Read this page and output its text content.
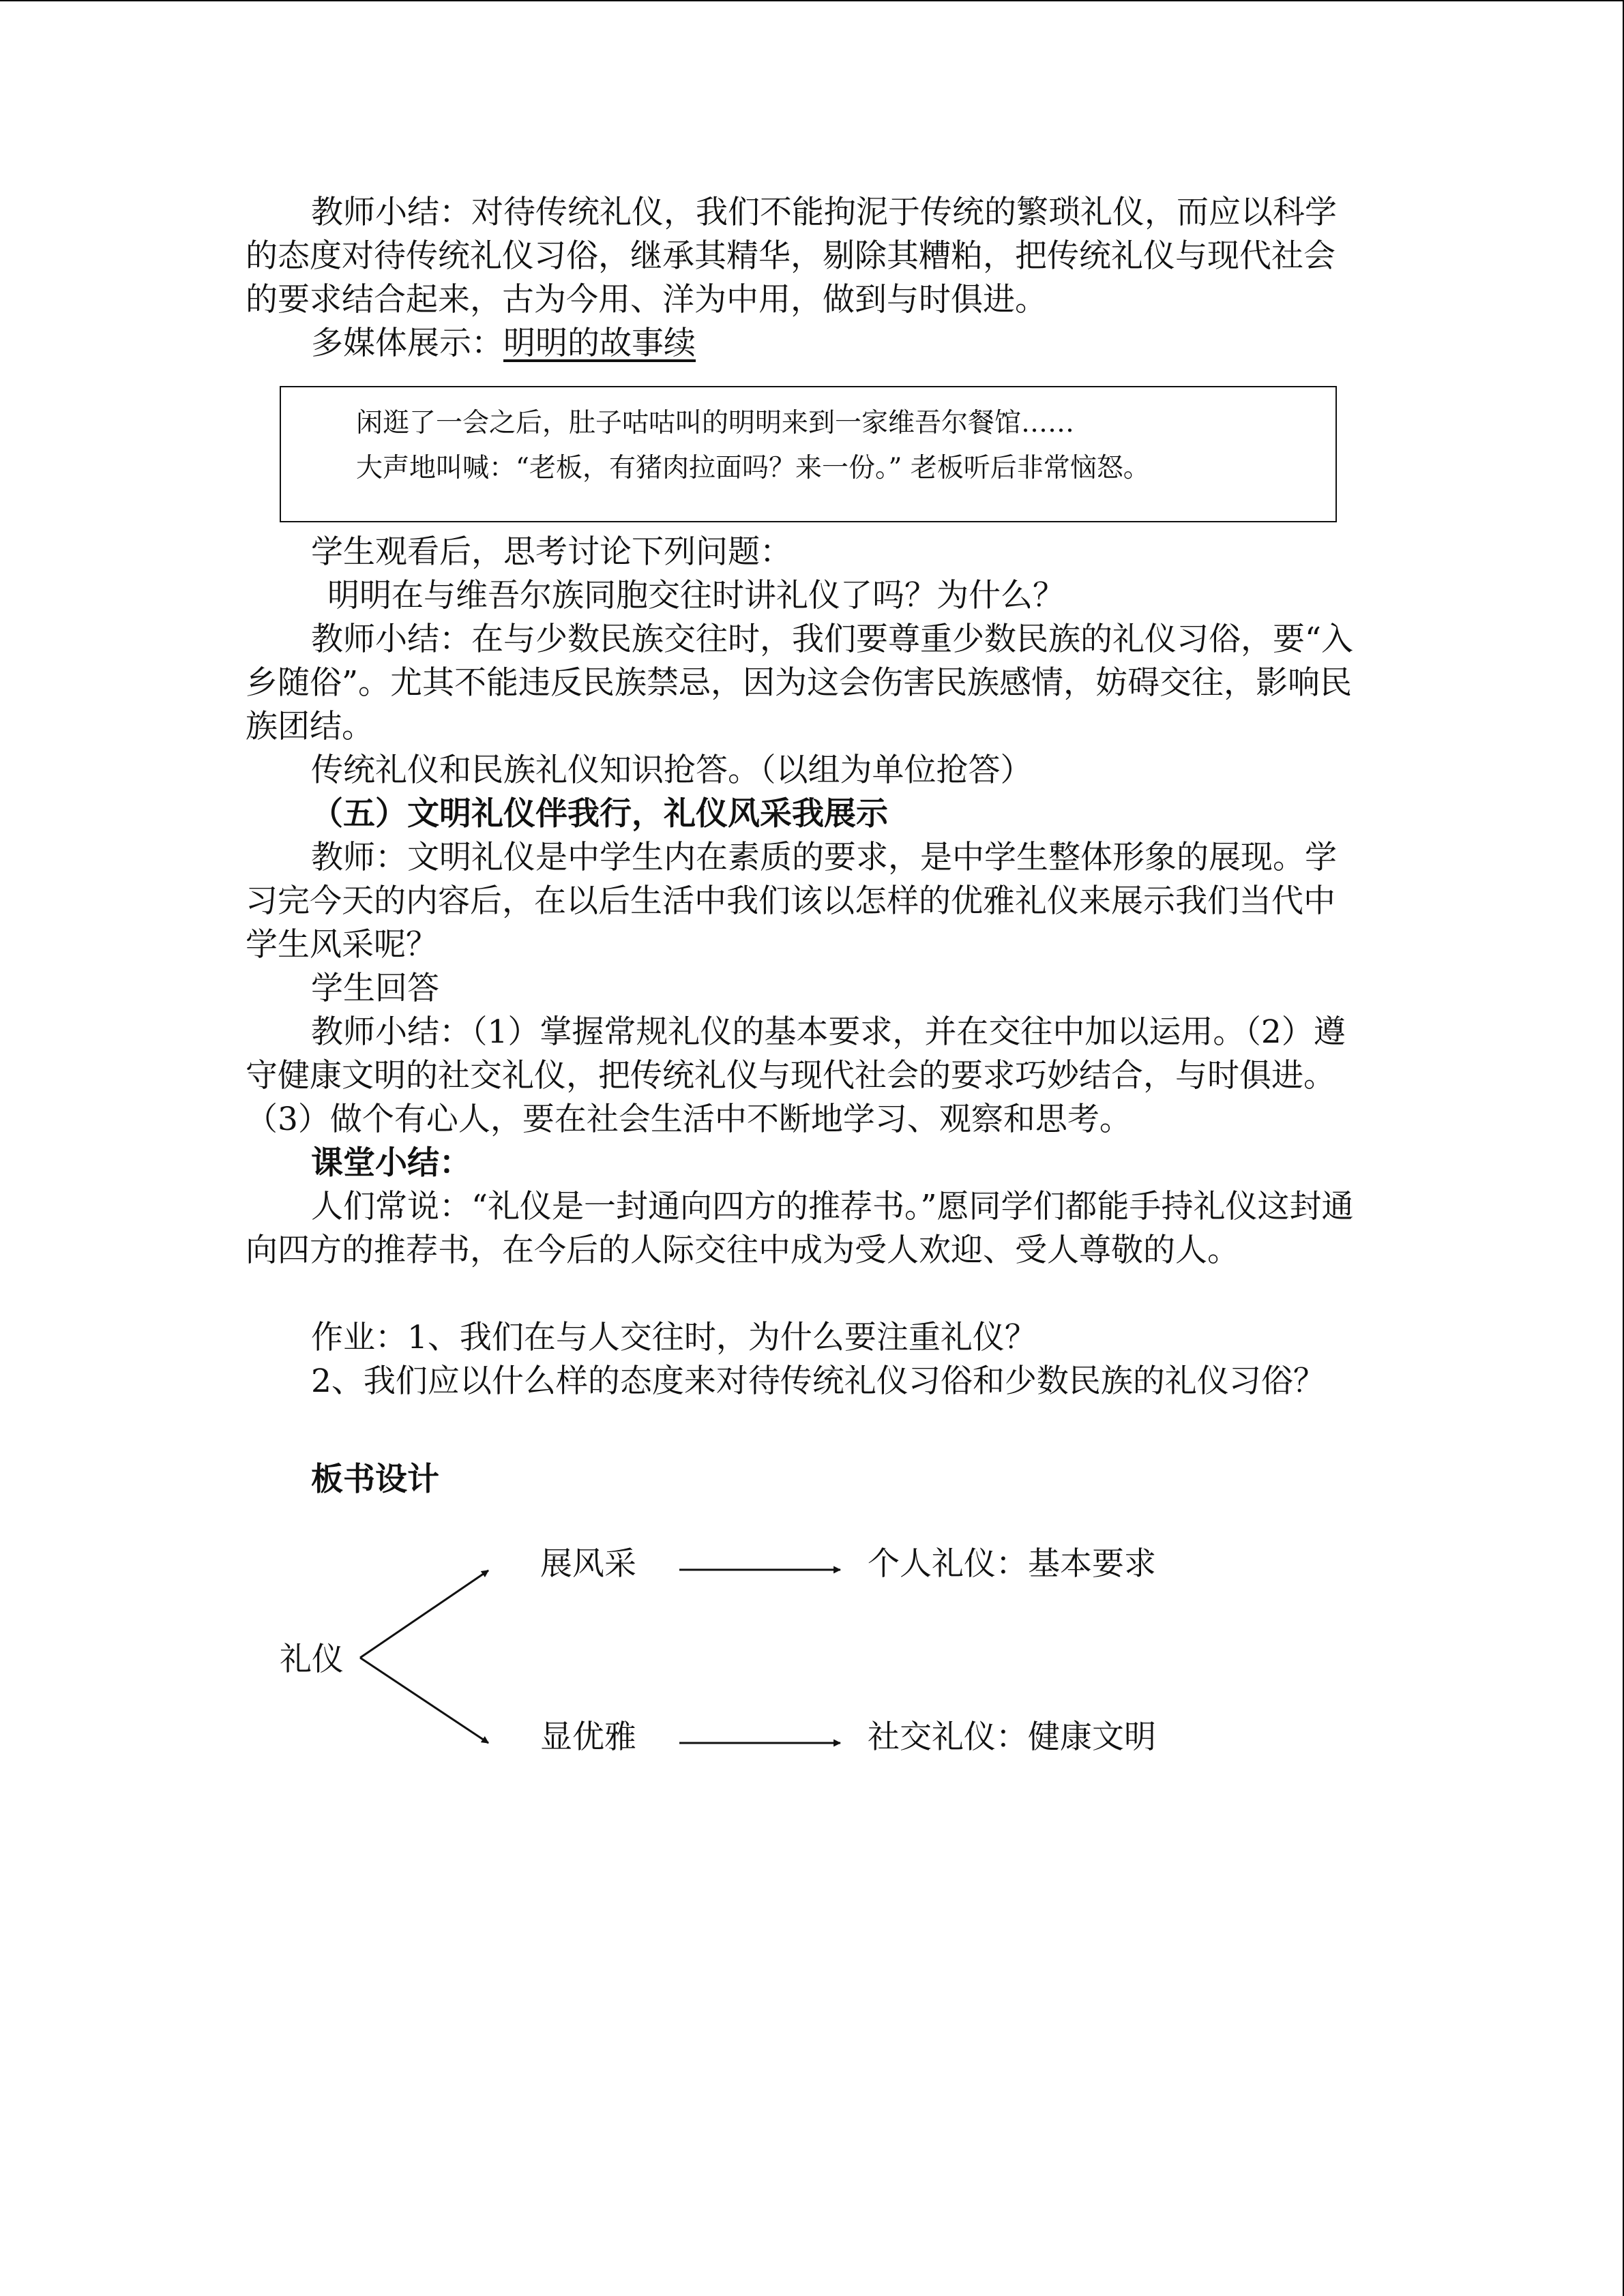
教师小结：对待传统礼仪，我们不能拘泥于传统的繁琐礼仪，而应以科学的态度对待传统礼仪习俗，继承其精华，剔除其糟粕，把传统礼仪与现代社会的要求结合起来，古为今用、洋为中用，做到与时俱进。

多媒体展示：明明的故事续

闲逛了一会之后，肚子咕咕叫的明明来到一家维吾尔餐馆……
大声地叫喊：“老板，有猪肉拉面吗？来一份。” 老板听后非常恼怒。

学生观看后，思考讨论下列问题：

明明在与维吾尔族同胞交往时讲礼仪了吗？为什么？

教师小结：在与少数民族交往时，我们要尊重少数民族的礼仪习俗，要“入乡随俗”。尤其不能违反民族禁忌，因为这会伤害民族感情，妨碍交往，影响民族团结。

传统礼仪和民族礼仪知识抢答。（以组为单位抢答）

（五）文明礼仪伴我行，礼仪风采我展示

教师：文明礼仪是中学生内在素质的要求，是中学生整体形象的展现。学习完今天的内容后，在以后生活中我们该以怎样的优雅礼仪来展示我们当代中学生风采呢？

学生回答

教师小结：（1）掌握常规礼仪的基本要求，并在交往中加以运用。（2）遵守健康文明的社交礼仪，把传统礼仪与现代社会的要求巧妙结合，与时俱进。（3）做个有心人，要在社会生活中不断地学习、观察和思考。

课堂小结：

人们常说：“礼仪是一封通向四方的推荐书。”愿同学们都能手持礼仪这封通向四方的推荐书，在今后的人际交往中成为受人欢迎、受人尊敬的人。

作业：1、我们在与人交往时，为什么要注重礼仪？

2、我们应以什么样的态度来对待传统礼仪习俗和少数民族的礼仪习俗？

板书设计

礼仪
展风采
显优雅
个人礼仪：基本要求
社交礼仪：健康文明
